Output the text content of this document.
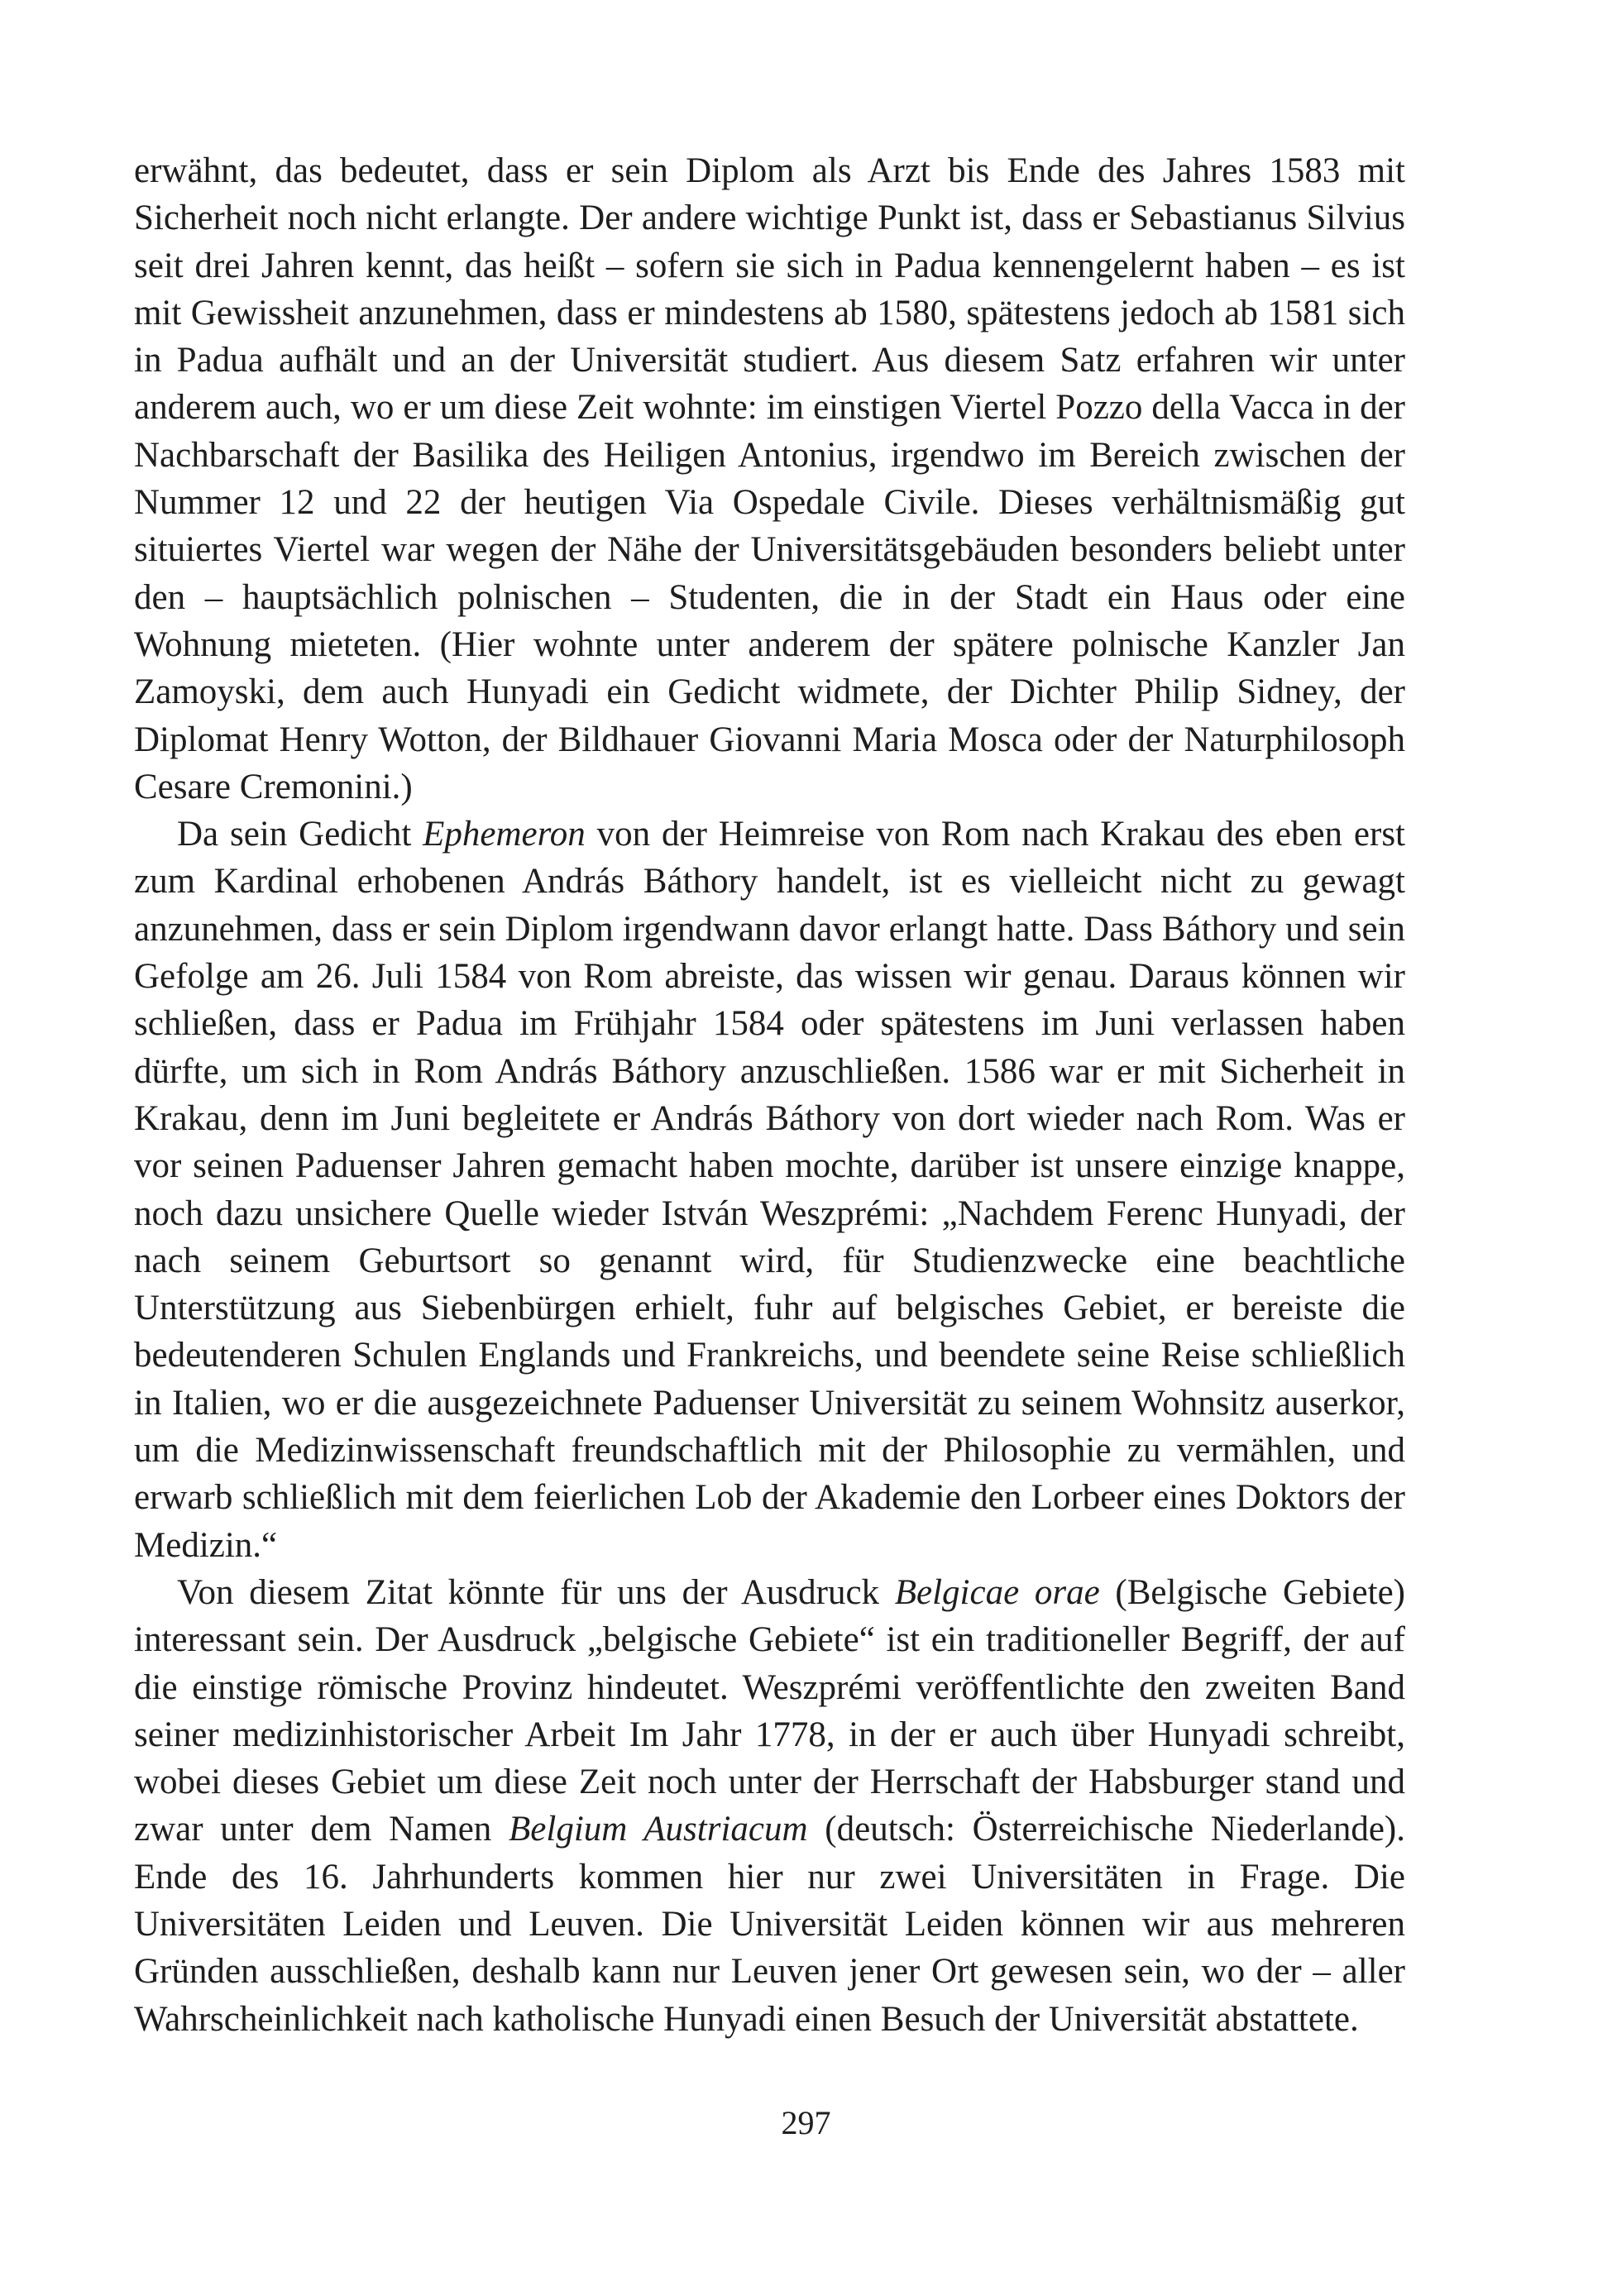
erwähnt, das bedeutet, dass er sein Diplom als Arzt bis Ende des Jahres 1583 mit Sicherheit noch nicht erlangte. Der andere wichtige Punkt ist, dass er Sebastianus Silvius seit drei Jahren kennt, das heißt – sofern sie sich in Padua kennengelernt haben – es ist mit Gewissheit anzunehmen, dass er mindestens ab 1580, spätestens jedoch ab 1581 sich in Padua aufhält und an der Universität studiert. Aus diesem Satz erfahren wir unter anderem auch, wo er um diese Zeit wohnte: im einstigen Viertel Pozzo della Vacca in der Nachbarschaft der Basilika des Heiligen Antonius, irgendwo im Bereich zwischen der Nummer 12 und 22 der heutigen Via Ospedale Civile. Dieses verhältnismäßig gut situiertes Viertel war wegen der Nähe der Universitätsgebäuden besonders beliebt unter den – hauptsächlich polnischen – Studenten, die in der Stadt ein Haus oder eine Wohnung mieteten. (Hier wohnte unter anderem der spätere polnische Kanzler Jan Zamoyski, dem auch Hunyadi ein Gedicht widmete, der Dichter Philip Sidney, der Diplomat Henry Wotton, der Bildhauer Giovanni Maria Mosca oder der Naturphilosoph Cesare Cremonini.)

Da sein Gedicht Ephemeron von der Heimreise von Rom nach Krakau des eben erst zum Kardinal erhobenen András Báthory handelt, ist es vielleicht nicht zu gewagt anzunehmen, dass er sein Diplom irgendwann davor erlangt hatte. Dass Báthory und sein Gefolge am 26. Juli 1584 von Rom abreiste, das wissen wir genau. Daraus können wir schließen, dass er Padua im Frühjahr 1584 oder spätestens im Juni verlassen haben dürfte, um sich in Rom András Báthory anzuschließen. 1586 war er mit Sicherheit in Krakau, denn im Juni begleitete er András Báthory von dort wieder nach Rom. Was er vor seinen Paduenser Jahren gemacht haben mochte, darüber ist unsere einzige knappe, noch dazu unsichere Quelle wieder István Weszprémi: „Nachdem Ferenc Hunyadi, der nach seinem Geburtsort so genannt wird, für Studienzwecke eine beachtliche Unterstützung aus Siebenbürgen erhielt, fuhr auf belgisches Gebiet, er bereiste die bedeutenderen Schulen Englands und Frankreichs, und beendete seine Reise schließlich in Italien, wo er die ausgezeichnete Paduenser Universität zu seinem Wohnsitz auserkor, um die Medizinwissenschaft freundschaftlich mit der Philosophie zu vermählen, und erwarb schließlich mit dem feierlichen Lob der Akademie den Lorbeer eines Doktors der Medizin.“

Von diesem Zitat könnte für uns der Ausdruck Belgicae orae (Belgische Gebiete) interessant sein. Der Ausdruck „belgische Gebiete“ ist ein traditioneller Begriff, der auf die einstige römische Provinz hindeutet. Weszprémi veröffentlichte den zweiten Band seiner medizinhistorischer Arbeit Im Jahr 1778, in der er auch über Hunyadi schreibt, wobei dieses Gebiet um diese Zeit noch unter der Herrschaft der Habsburger stand und zwar unter dem Namen Belgium Austriacum (deutsch: Österreichische Niederlande). Ende des 16. Jahrhunderts kommen hier nur zwei Universitäten in Frage. Die Universitäten Leiden und Leuven. Die Universität Leiden können wir aus mehreren Gründen ausschließen, deshalb kann nur Leuven jener Ort gewesen sein, wo der – aller Wahrscheinlichkeit nach katholische Hunyadi einen Besuch der Universität abstattete.

297
